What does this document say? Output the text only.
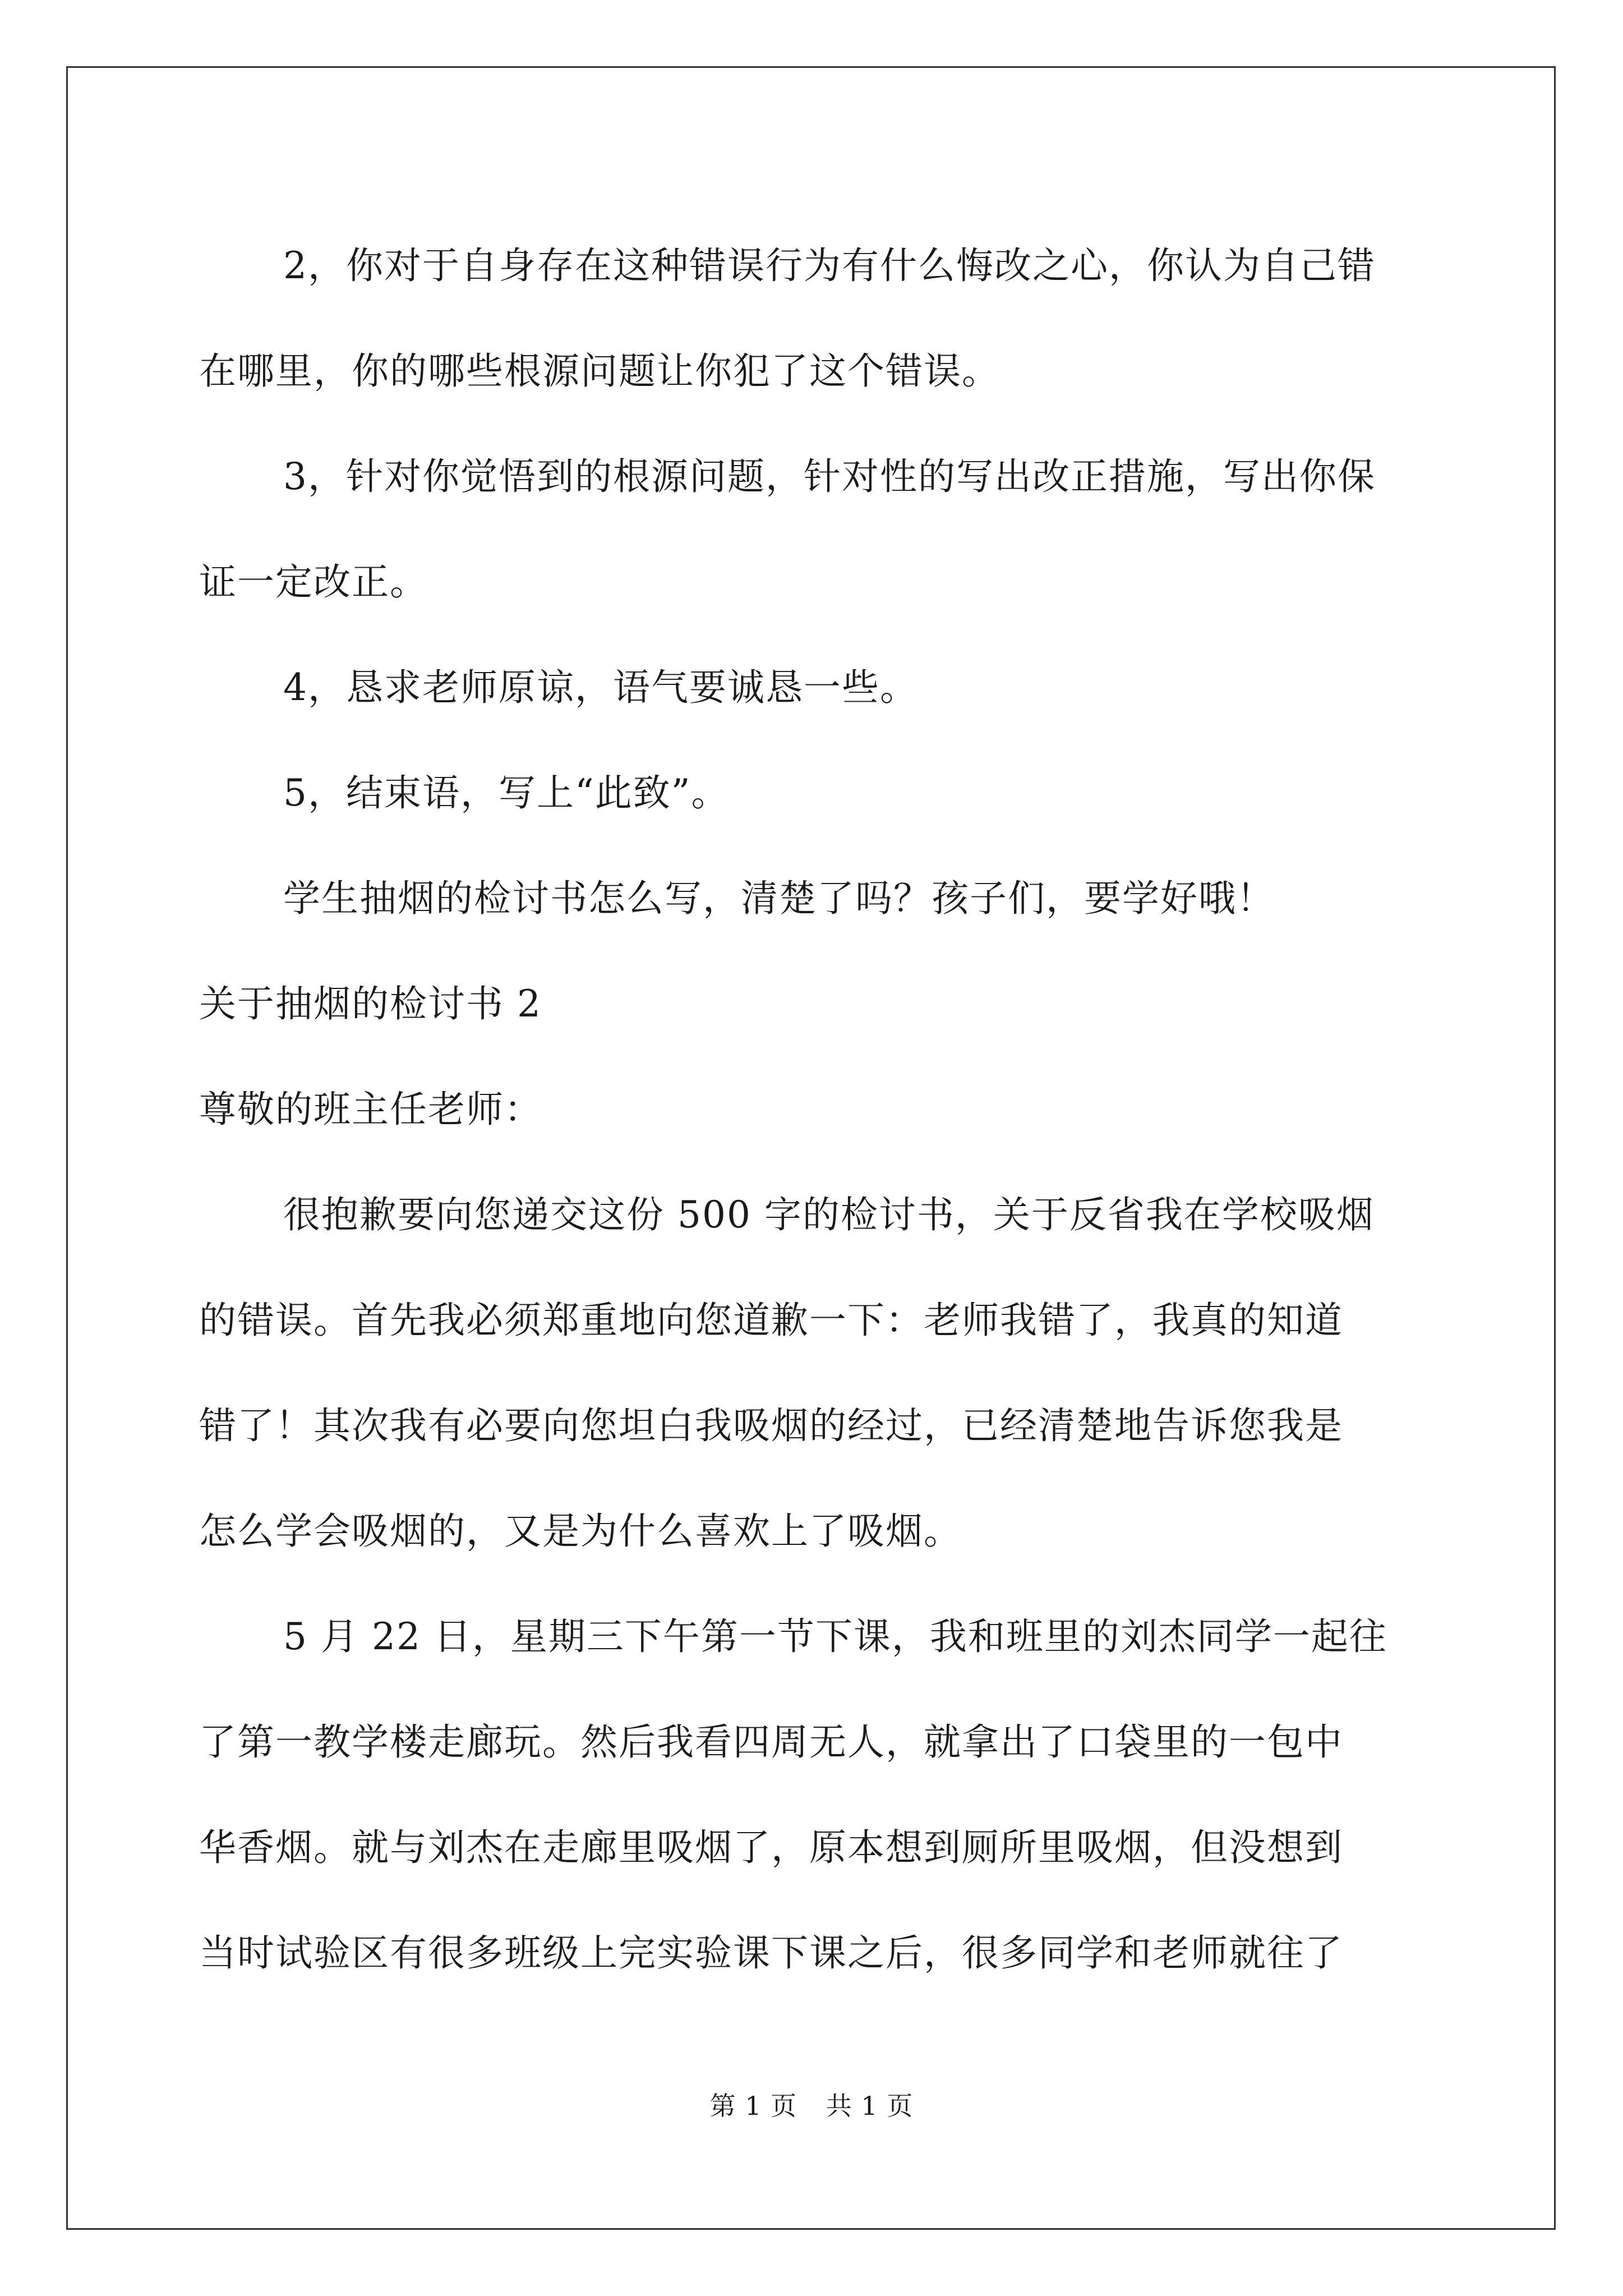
2，你对于自身存在这种错误行为有什么悔改之心，你认为自己错
在哪里，你的哪些根源问题让你犯了这个错误。
3，针对你觉悟到的根源问题，针对性的写出改正措施，写出你保
证一定改正。
4，恳求老师原谅，语气要诚恳一些。
5，结束语，写上“此致”。
学生抽烟的检讨书怎么写，清楚了吗？孩子们，要学好哦！
关于抽烟的检讨书 2
尊敬的班主任老师：
很抱歉要向您递交这份 500 字的检讨书，关于反省我在学校吸烟
的错误。首先我必须郑重地向您道歉一下：老师我错了，我真的知道
错了！其次我有必要向您坦白我吸烟的经过，已经清楚地告诉您我是
怎么学会吸烟的，又是为什么喜欢上了吸烟。
5 月 22 日，星期三下午第一节下课，我和班里的刘杰同学一起往
了第一教学楼走廊玩。然后我看四周无人，就拿出了口袋里的一包中
华香烟。就与刘杰在走廊里吸烟了，原本想到厕所里吸烟，但没想到
当时试验区有很多班级上完实验课下课之后，很多同学和老师就往了
第 1 页 共 1 页
